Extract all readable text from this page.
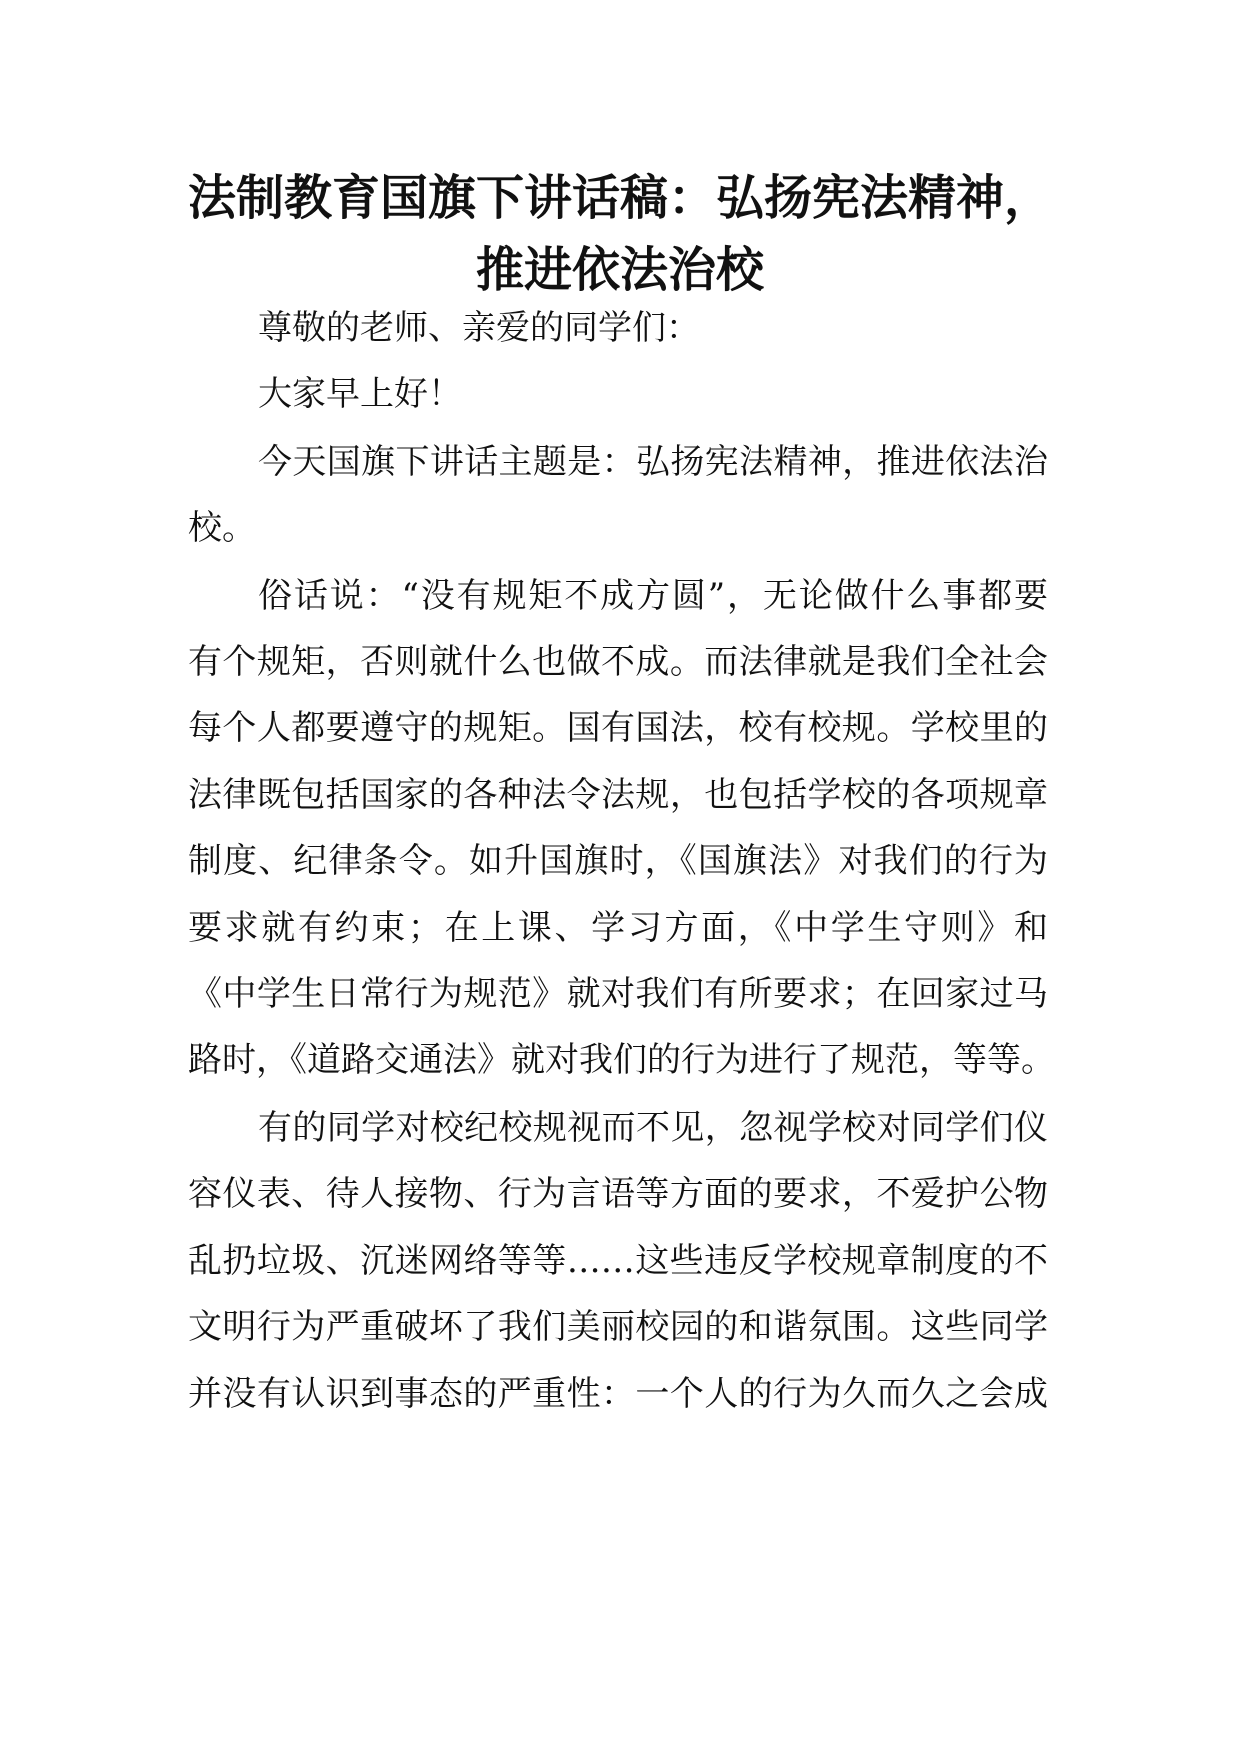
法制教育国旗下讲话稿：弘扬宪法精神，
推进依法治校
尊敬的老师、亲爱的同学们：
大家早上好！
今天国旗下讲话主题是：弘扬宪法精神，推进依法治
校。
俗话说：“没有规矩不成方圆”，无论做什么事都要
有个规矩，否则就什么也做不成。而法律就是我们全社会
每个人都要遵守的规矩。国有国法，校有校规。学校里的
法律既包括国家的各种法令法规，也包括学校的各项规章
制度、纪律条令。如升国旗时，《国旗法》对我们的行为
要求就有约束；在上课、学习方面，《中学生守则》和
《中学生日常行为规范》就对我们有所要求；在回家过马
路时，《道路交通法》就对我们的行为进行了规范，等等。
有的同学对校纪校规视而不见，忽视学校对同学们仪
容仪表、待人接物、行为言语等方面的要求，不爱护公物
乱扔垃圾、沉迷网络等等……这些违反学校规章制度的不
文明行为严重破坏了我们美丽校园的和谐氛围。这些同学
并没有认识到事态的严重性：一个人的行为久而久之会成
